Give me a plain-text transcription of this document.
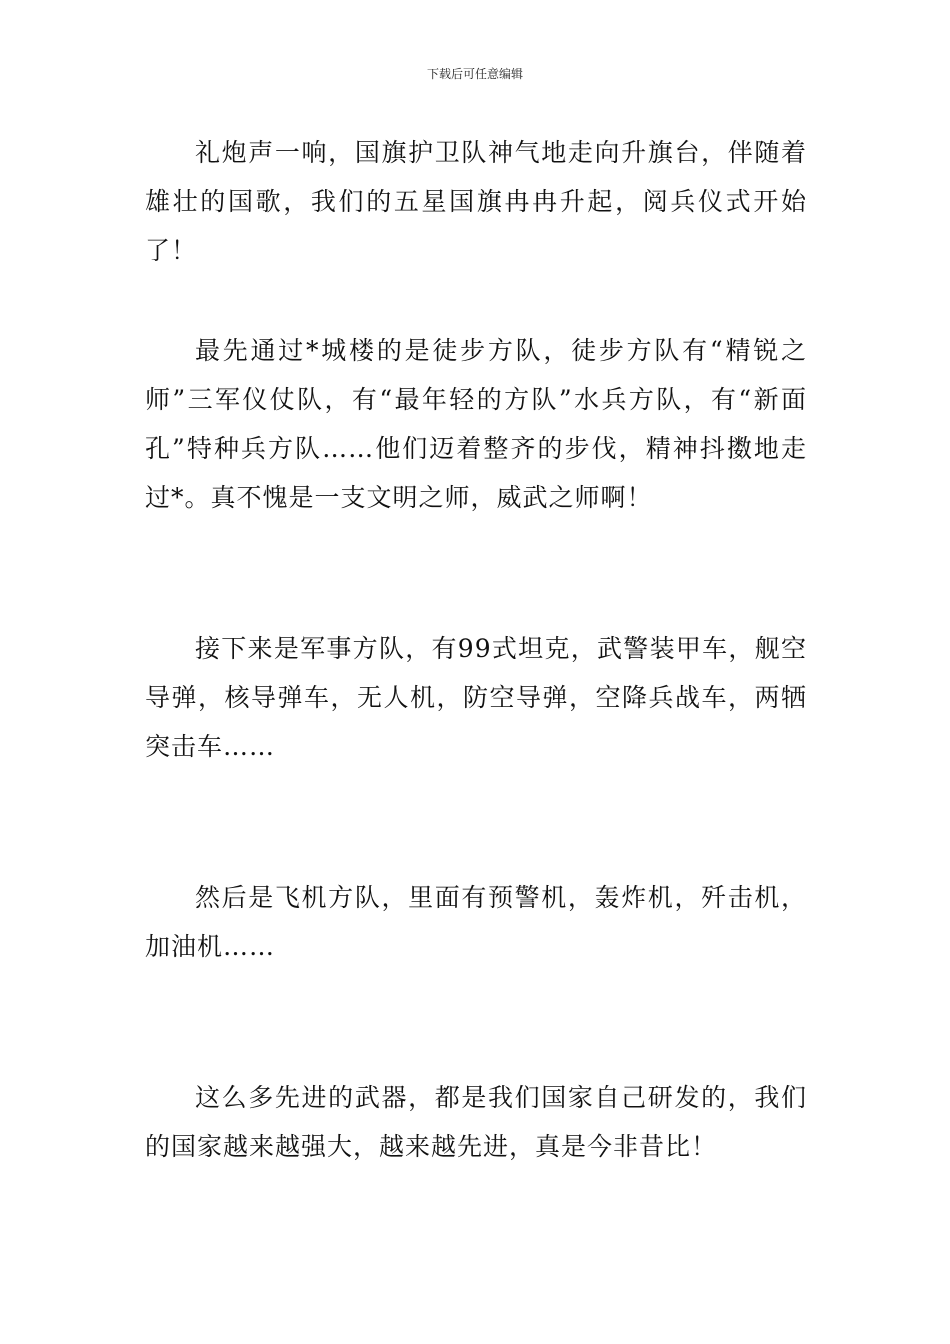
下载后可任意编辑

礼炮声一响，国旗护卫队神气地走向升旗台，伴随着雄壮的国歌，我们的五星国旗冉冉升起，阅兵仪式开始了！

最先通过*城楼的是徒步方队，徒步方队有“精锐之师”三军仪仗队，有“最年轻的方队”水兵方队，有“新面孔”特种兵方队……他们迈着整齐的步伐，精神抖擞地走过*。真不愧是一支文明之师，威武之师啊！

接下来是军事方队，有99式坦克，武警装甲车，舰空导弹，核导弹车，无人机，防空导弹，空降兵战车，两牺突击车……

然后是飞机方队，里面有预警机，轰炸机，歼击机，加油机……

这么多先进的武器，都是我们国家自己研发的，我们的国家越来越强大，越来越先进，真是今非昔比！
